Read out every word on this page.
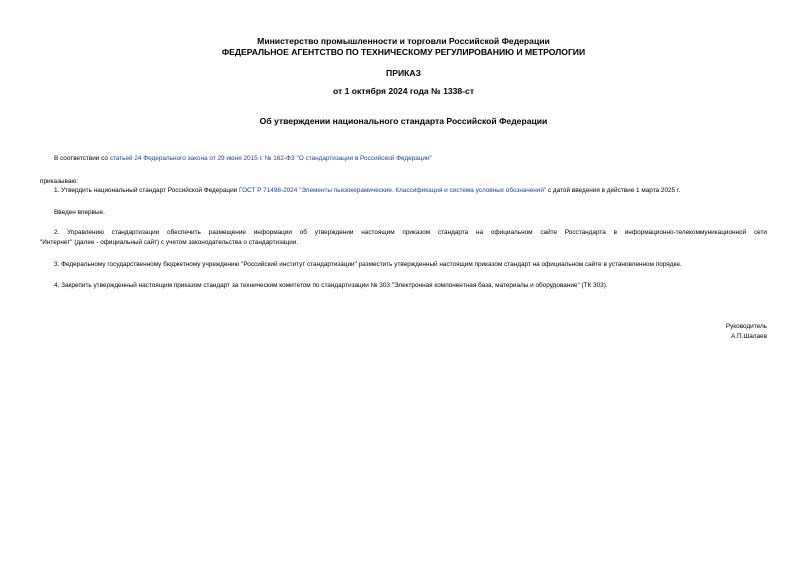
Министерство промышленности и торговли Российской Федерации
ФЕДЕРАЛЬНОЕ АГЕНТСТВО ПО ТЕХНИЧЕСКОМУ РЕГУЛИРОВАНИЮ И МЕТРОЛОГИИ
ПРИКАЗ
от 1 октября 2024 года № 1338-ст
Об утверждении национального стандарта Российской Федерации
В соответствии со статьей 24 Федерального закона от 29 июня 2015 г. № 162-ФЗ "О стандартизации в Российской Федерации"
приказываю:
1. Утвердить национальный стандарт Российской Федерации ГОСТ Р 71498-2024 "Элементы пьезокерамические. Классификация и система условных обозначений" с датой введения в действие 1 марта 2025 г.
Введен впервые.
2. Управлению стандартизации обеспечить размещение информации об утверждении настоящим приказом стандарта на официальном сайте Росстандарта в информационно-телекоммуникационной сети
"Интернет" (далее - официальный сайт) с учетом законодательства о стандартизации.
3. Федеральному государственному бюджетному учреждению "Российский институт стандартизации" разместить утвержденный настоящим приказом стандарт на официальном сайте в установленном порядке.
4. Закрепить утвержденный настоящим приказом стандарт за техническим комитетом по стандартизации № 303 "Электронная компонентная база, материалы и оборудование" (ТК 303).
Руководитель
А.П.Шалаев
